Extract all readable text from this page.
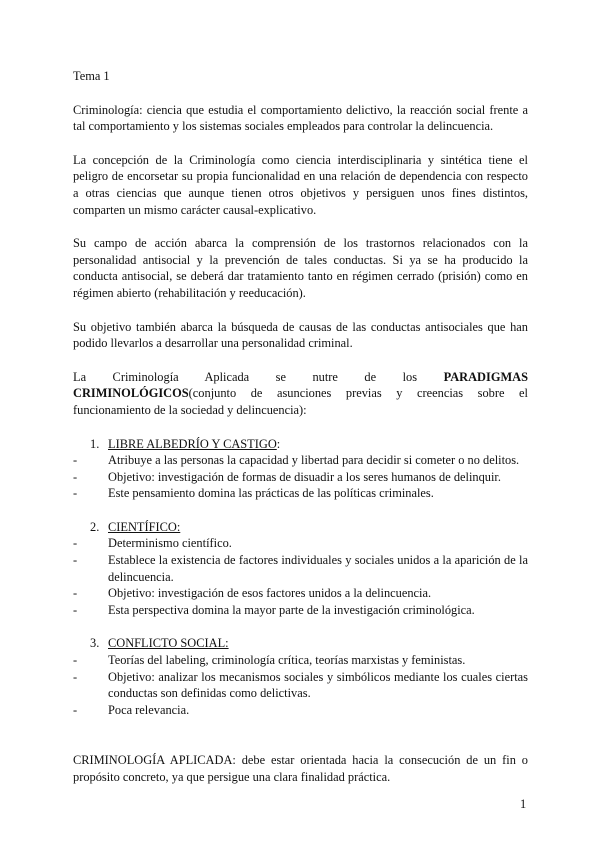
Tema 1

Criminología: ciencia que estudia el comportamiento delictivo, la reacción social frente a tal comportamiento y los sistemas sociales empleados para controlar la delincuencia.

La concepción de la Criminología como ciencia interdisciplinaria y sintética tiene el peligro de encorsetar su propia funcionalidad en una relación de dependencia con respecto a otras ciencias que aunque tienen otros objetivos y persiguen unos fines distintos, comparten un mismo carácter causal-explicativo.

Su campo de acción abarca la comprensión de los trastornos relacionados con la personalidad antisocial y la prevención de tales conductas. Si ya se ha producido la conducta antisocial, se deberá dar tratamiento tanto en régimen cerrado (prisión) como en régimen abierto (rehabilitación y reeducación).

Su objetivo también abarca la búsqueda de causas de las conductas antisociales que han podido llevarlos a desarrollar una personalidad criminal.

La Criminología Aplicada se nutre de los PARADIGMAS CRIMINOLÓGICOS(conjunto de asunciones previas y creencias sobre el funcionamiento de la sociedad y delincuencia):

1. LIBRE ALBEDRÍO Y CASTIGO:
-	Atribuye a las personas la capacidad y libertad para decidir si cometer o no delitos.
-	Objetivo: investigación de formas de disuadir a los seres humanos de delinquir.
-	Este pensamiento domina las prácticas de las políticas criminales.
2. CIENTÍFICO:
-	Determinismo científico.
-	Establece la existencia de factores individuales y sociales unidos a la aparición de la delincuencia.
-	Objetivo: investigación de esos factores unidos a la delincuencia.
-	Esta perspectiva domina la mayor parte de la investigación criminológica.
3. CONFLICTO SOCIAL:
-	Teorías del labeling, criminología crítica, teorías marxistas y feministas.
-	Objetivo: analizar los mecanismos sociales y simbólicos mediante los cuales ciertas conductas son definidas como delictivas.
-	Poca relevancia.

CRIMINOLOGÍA APLICADA: debe estar orientada hacia la consecución de un fin o propósito concreto, ya que persigue una clara finalidad práctica.

1
